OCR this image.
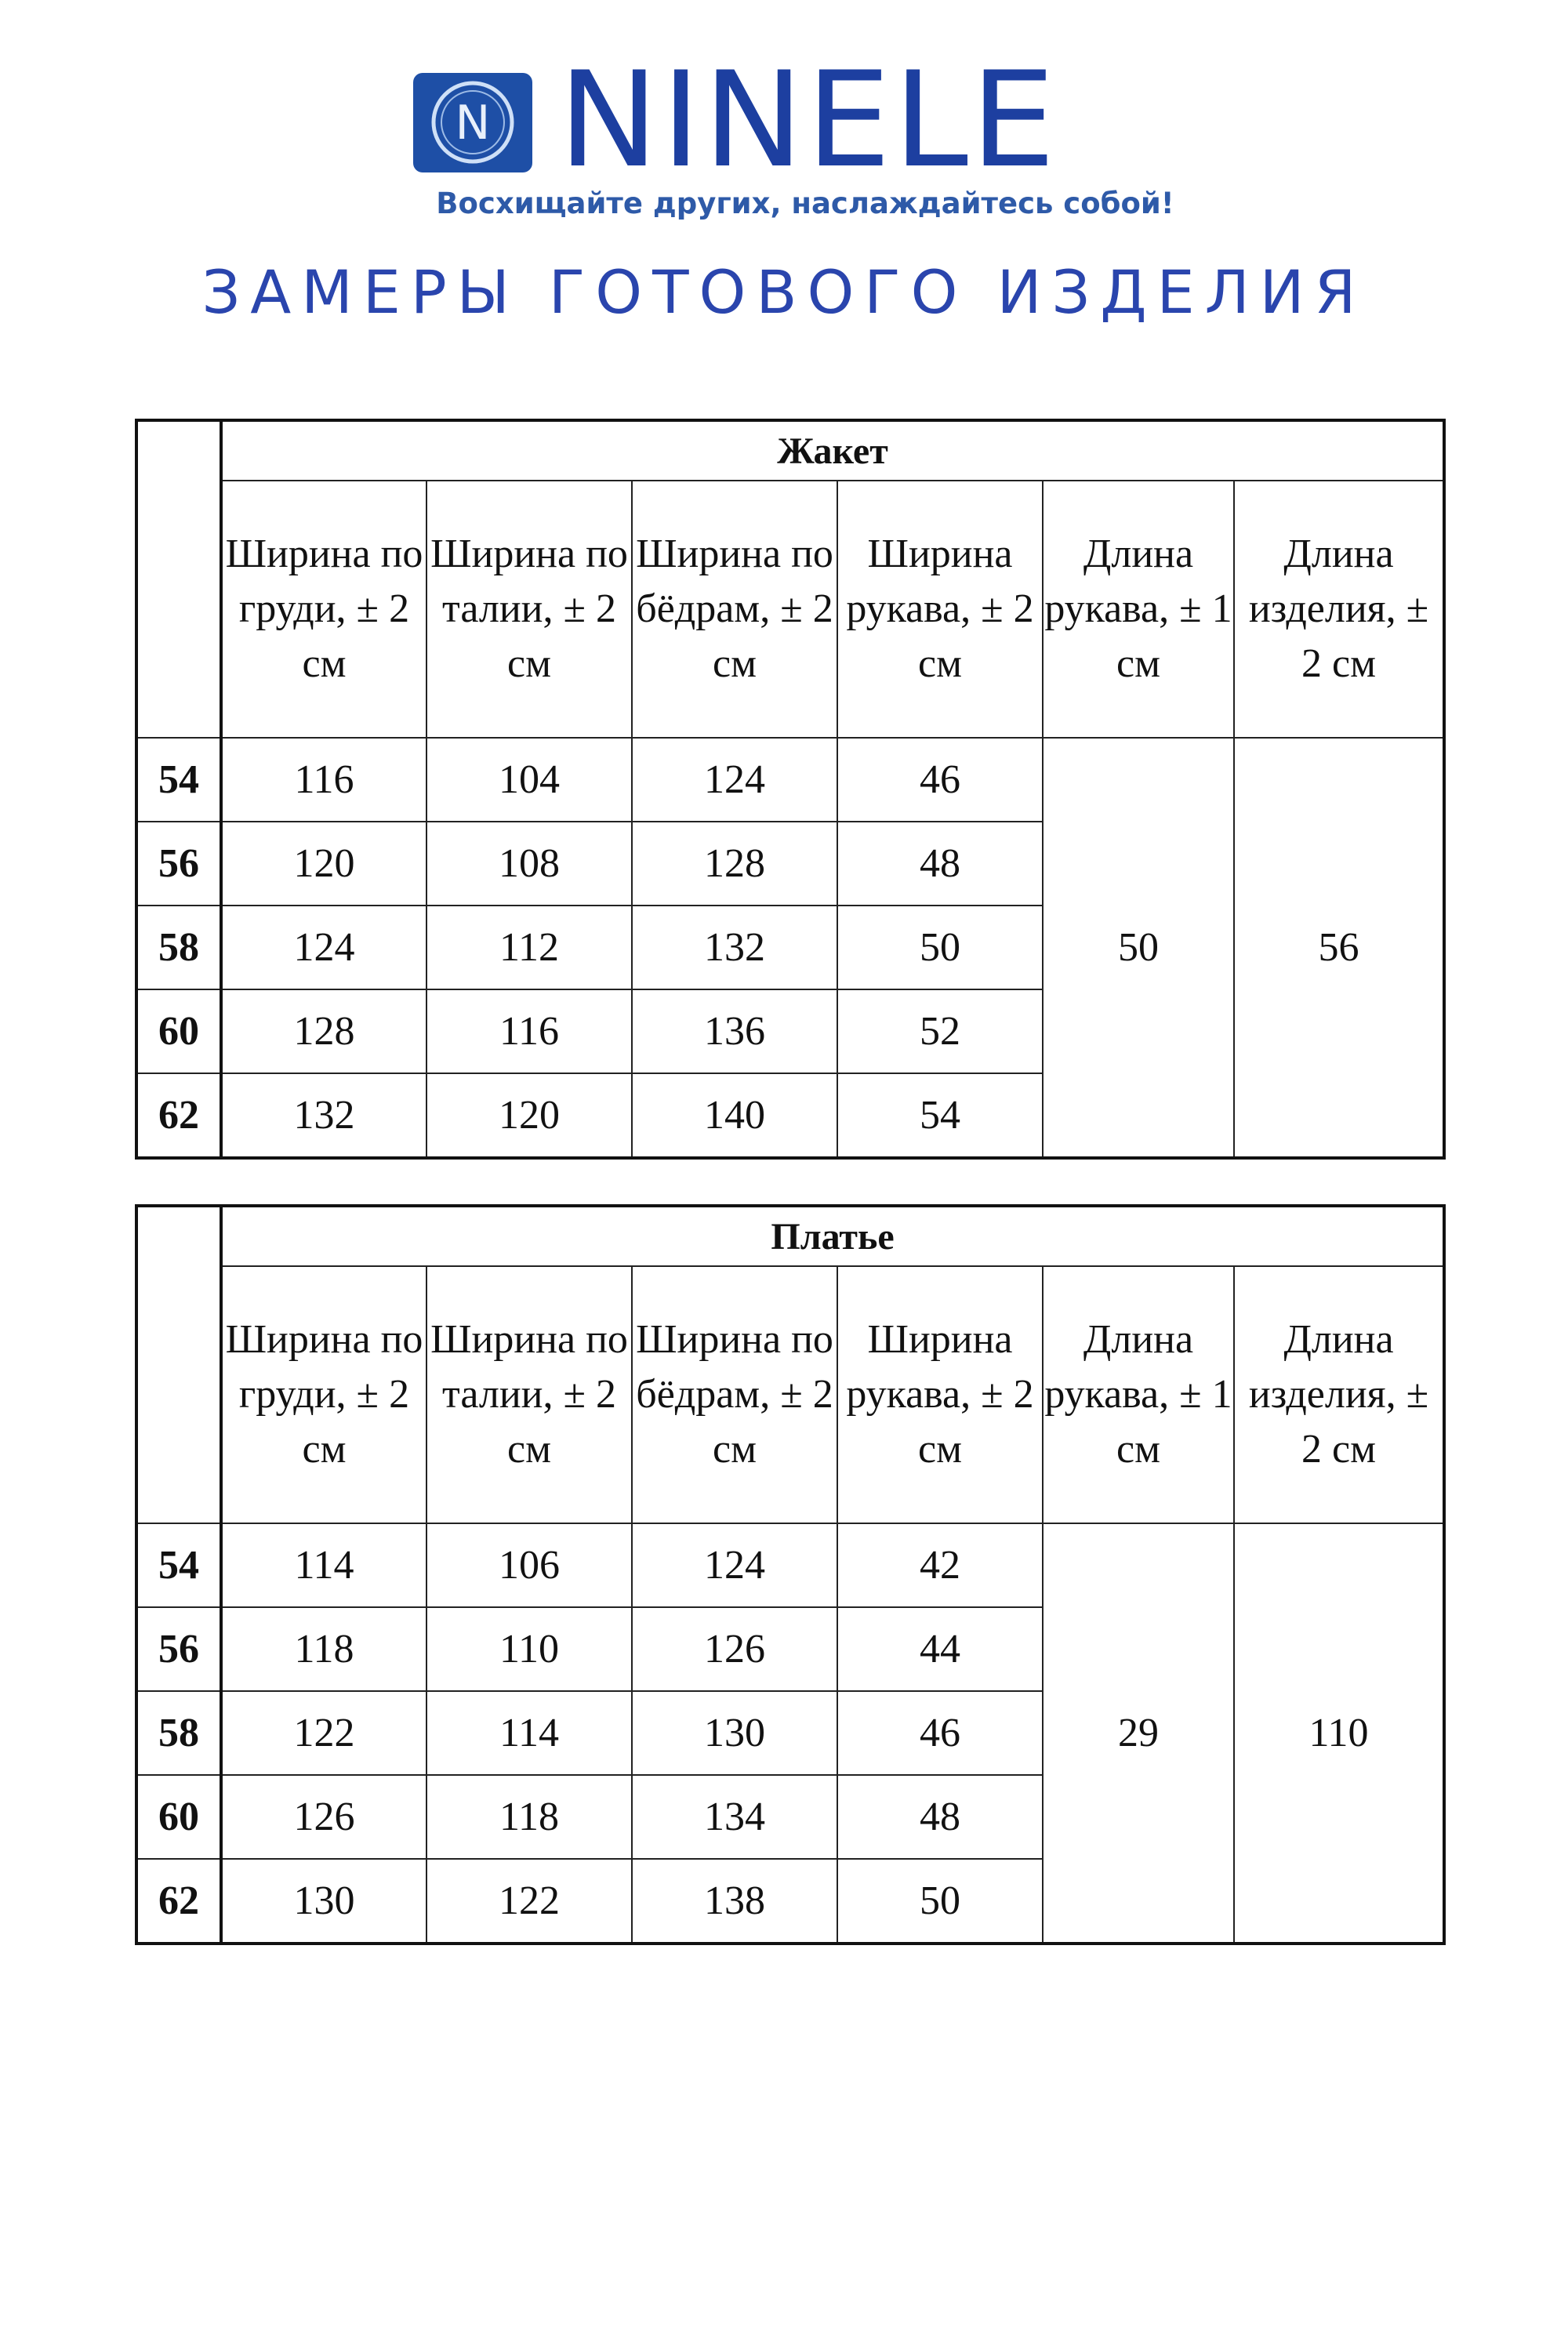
N NINELE
Восхищайте других, наслаждайтесь собой!
ЗАМЕРЫ ГОТОВОГО ИЗДЕЛИЯ
	Жакет					
	Ширина по груди, ± 2 см	Ширина по талии, ± 2 см	Ширина по бёдрам, ± 2 см	Ширина рукава, ± 2 см	Длина рукава, ± 1 см	Длина изделия, ± 2 см
54	116	104	124	46	50	56
56	120	108	128	48		
58	124	112	132	50		
60	128	116	136	52		
62	132	120	140	54		
	Платье					
	Ширина по груди, ± 2 см	Ширина по талии, ± 2 см	Ширина по бёдрам, ± 2 см	Ширина рукава, ± 2 см	Длина рукава, ± 1 см	Длина изделия, ± 2 см
54	114	106	124	42	29	110
56	118	110	126	44		
58	122	114	130	46		
60	126	118	134	48		
62	130	122	138	50		
